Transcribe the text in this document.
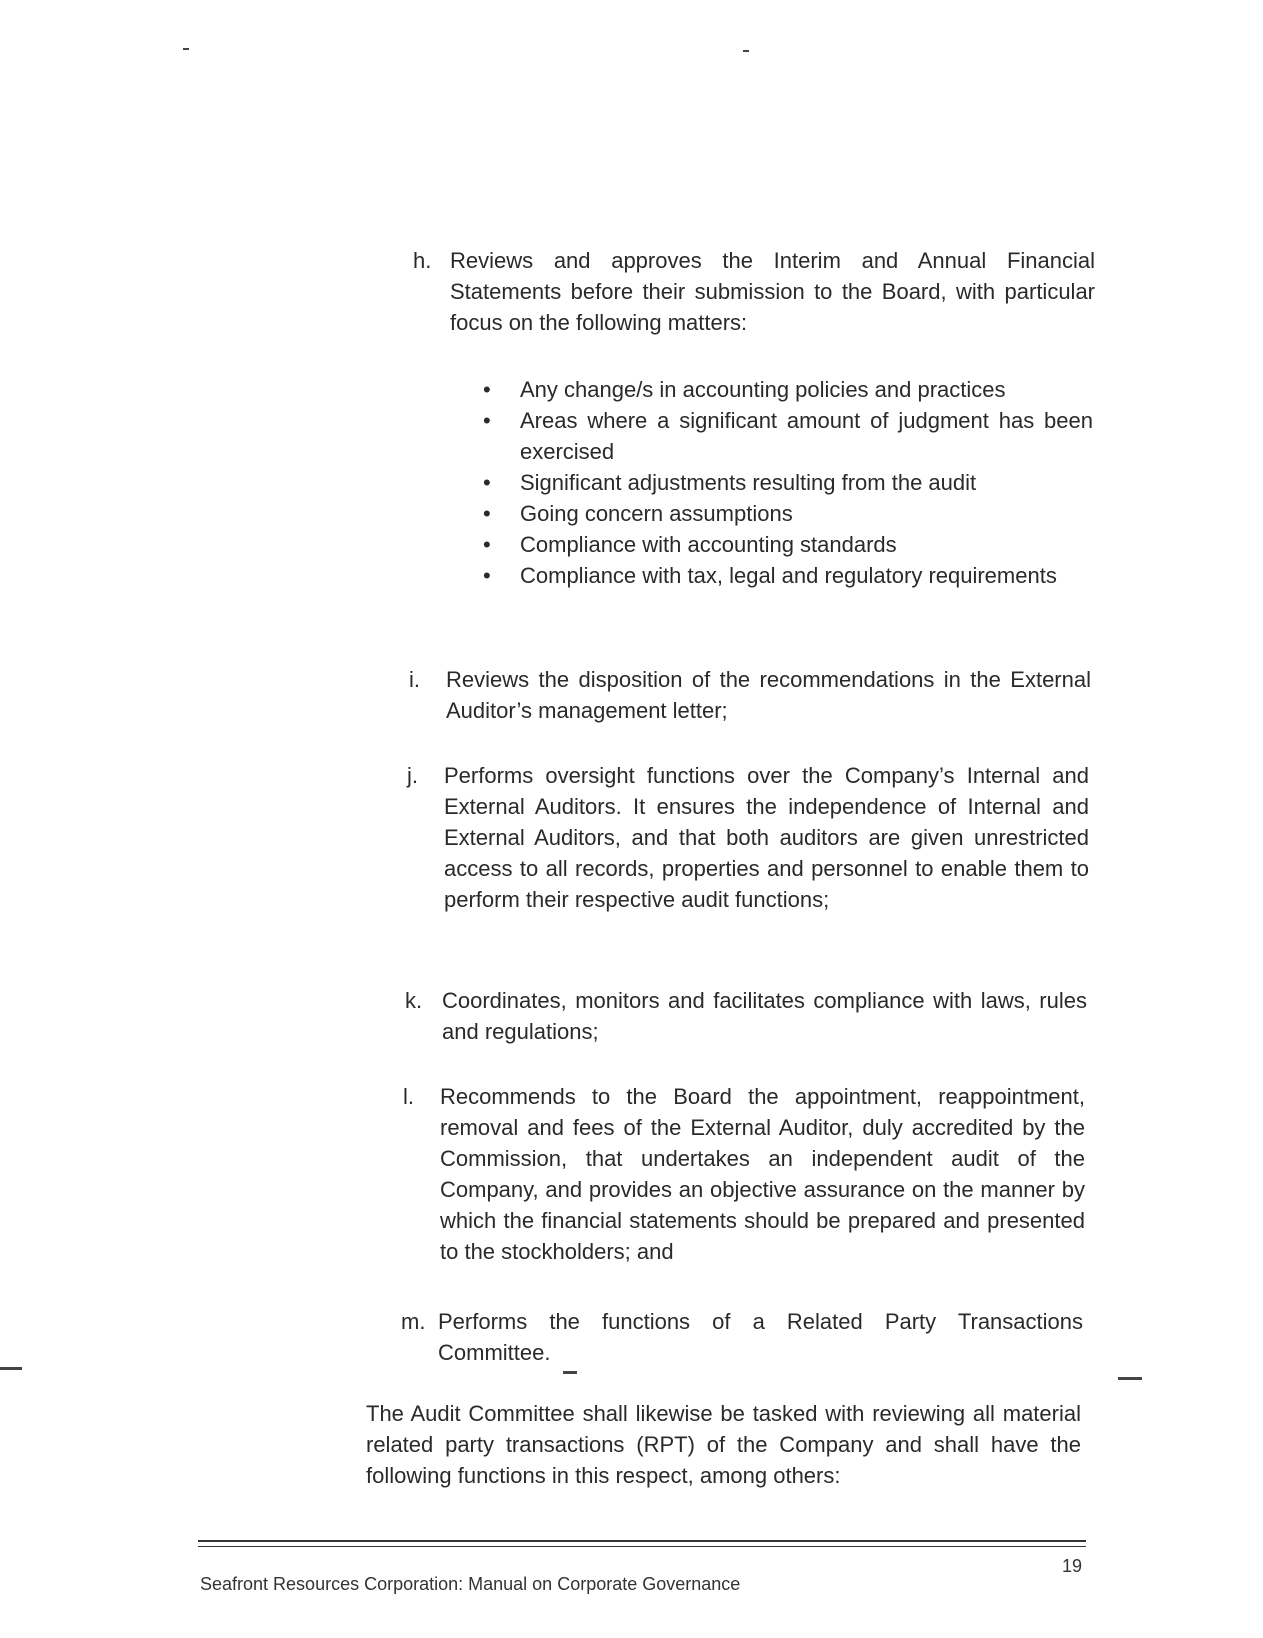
h. Reviews and approves the Interim and Annual Financial Statements before their submission to the Board, with particular focus on the following matters:
• Any change/s in accounting policies and practices
• Areas where a significant amount of judgment has been exercised
• Significant adjustments resulting from the audit
• Going concern assumptions
• Compliance with accounting standards
• Compliance with tax, legal and regulatory requirements
i. Reviews the disposition of the recommendations in the External Auditor’s management letter;
j. Performs oversight functions over the Company’s Internal and External Auditors. It ensures the independence of Internal and External Auditors, and that both auditors are given unrestricted access to all records, properties and personnel to enable them to perform their respective audit functions;
k. Coordinates, monitors and facilitates compliance with laws, rules and regulations;
l. Recommends to the Board the appointment, reappointment, removal and fees of the External Auditor, duly accredited by the Commission, that undertakes an independent audit of the Company, and provides an objective assurance on the manner by which the financial statements should be prepared and presented to the stockholders; and
m. Performs the functions of a Related Party Transactions Committee.

The Audit Committee shall likewise be tasked with reviewing all material related party transactions (RPT) of the Company and shall have the following functions in this respect, among others:

19
Seafront Resources Corporation: Manual on Corporate Governance
